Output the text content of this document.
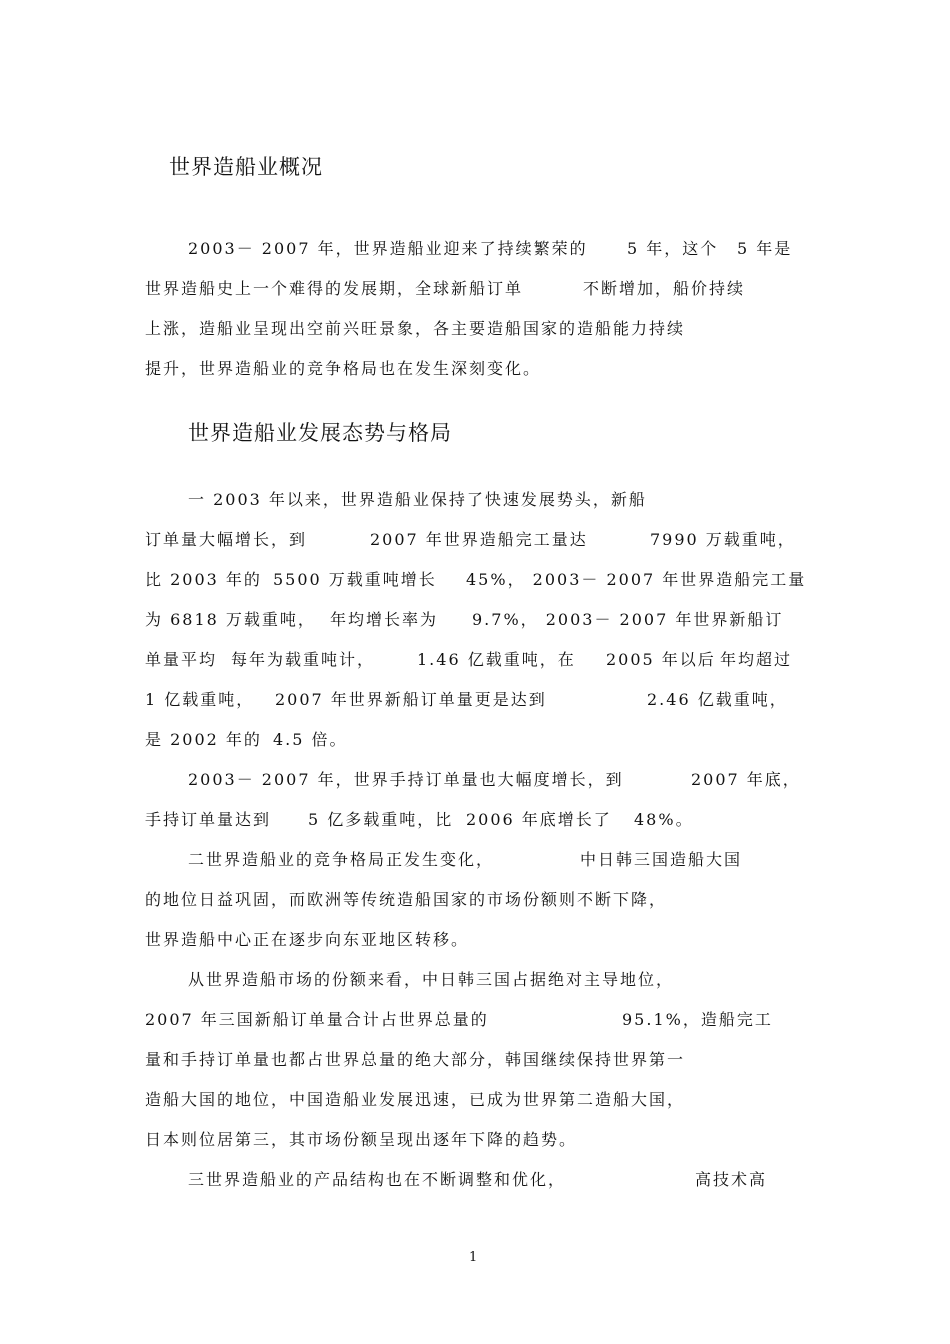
世界造船业概况
世界造船业发展态势与格局
2003－ 2007 年，世界造船业迎来了持续繁荣的 5 年，这个 5 年是
世界造船史上一个难得的发展期，全球新船订单	不断增加，船价持续
上涨，造船业呈现出空前兴旺景象，各主要造船国家的造船能力持续
提升，世界造船业的竞争格局也在发生深刻变化。
一 2003 年以来，世界造船业保持了快速发展势头，新船
订单量大幅增长，到	2007 年世界造船完工量达	7990 万载重吨，
比 2003 年的 5500 万载重吨增长 45%， 2003－ 2007 年世界造船完工量
为 6818 万载重吨， 年均增长率为 9.7%， 2003－ 2007 年世界新船订
单量平均 每年为载重吨计，	1.46 亿载重吨，在 2005 年以后 年均超过
1 亿载重吨， 2007 年世界新船订单量更是达到	2.46 亿载重吨，
是 2002 年的 4.5 倍。
2003－ 2007 年，世界手持订单量也大幅度增长，到	2007 年底，
手持订单量达到 5 亿多载重吨，比 2006 年底增长了 48%。
二世界造船业的竞争格局正发生变化，	中日韩三国造船大国
的地位日益巩固，而欧洲等传统造船国家的市场份额则不断下降，
世界造船中心正在逐步向东亚地区转移。
从世界造船市场的份额来看，中日韩三国占据绝对主导地位，
2007 年三国新船订单量合计占世界总量的	95.1%，造船完工
量和手持订单量也都占世界总量的绝大部分，韩国继续保持世界第一
造船大国的地位，中国造船业发展迅速，已成为世界第二造船大国，
日本则位居第三，其市场份额呈现出逐年下降的趋势。
三世界造船业的产品结构也在不断调整和优化，	高技术高
1
